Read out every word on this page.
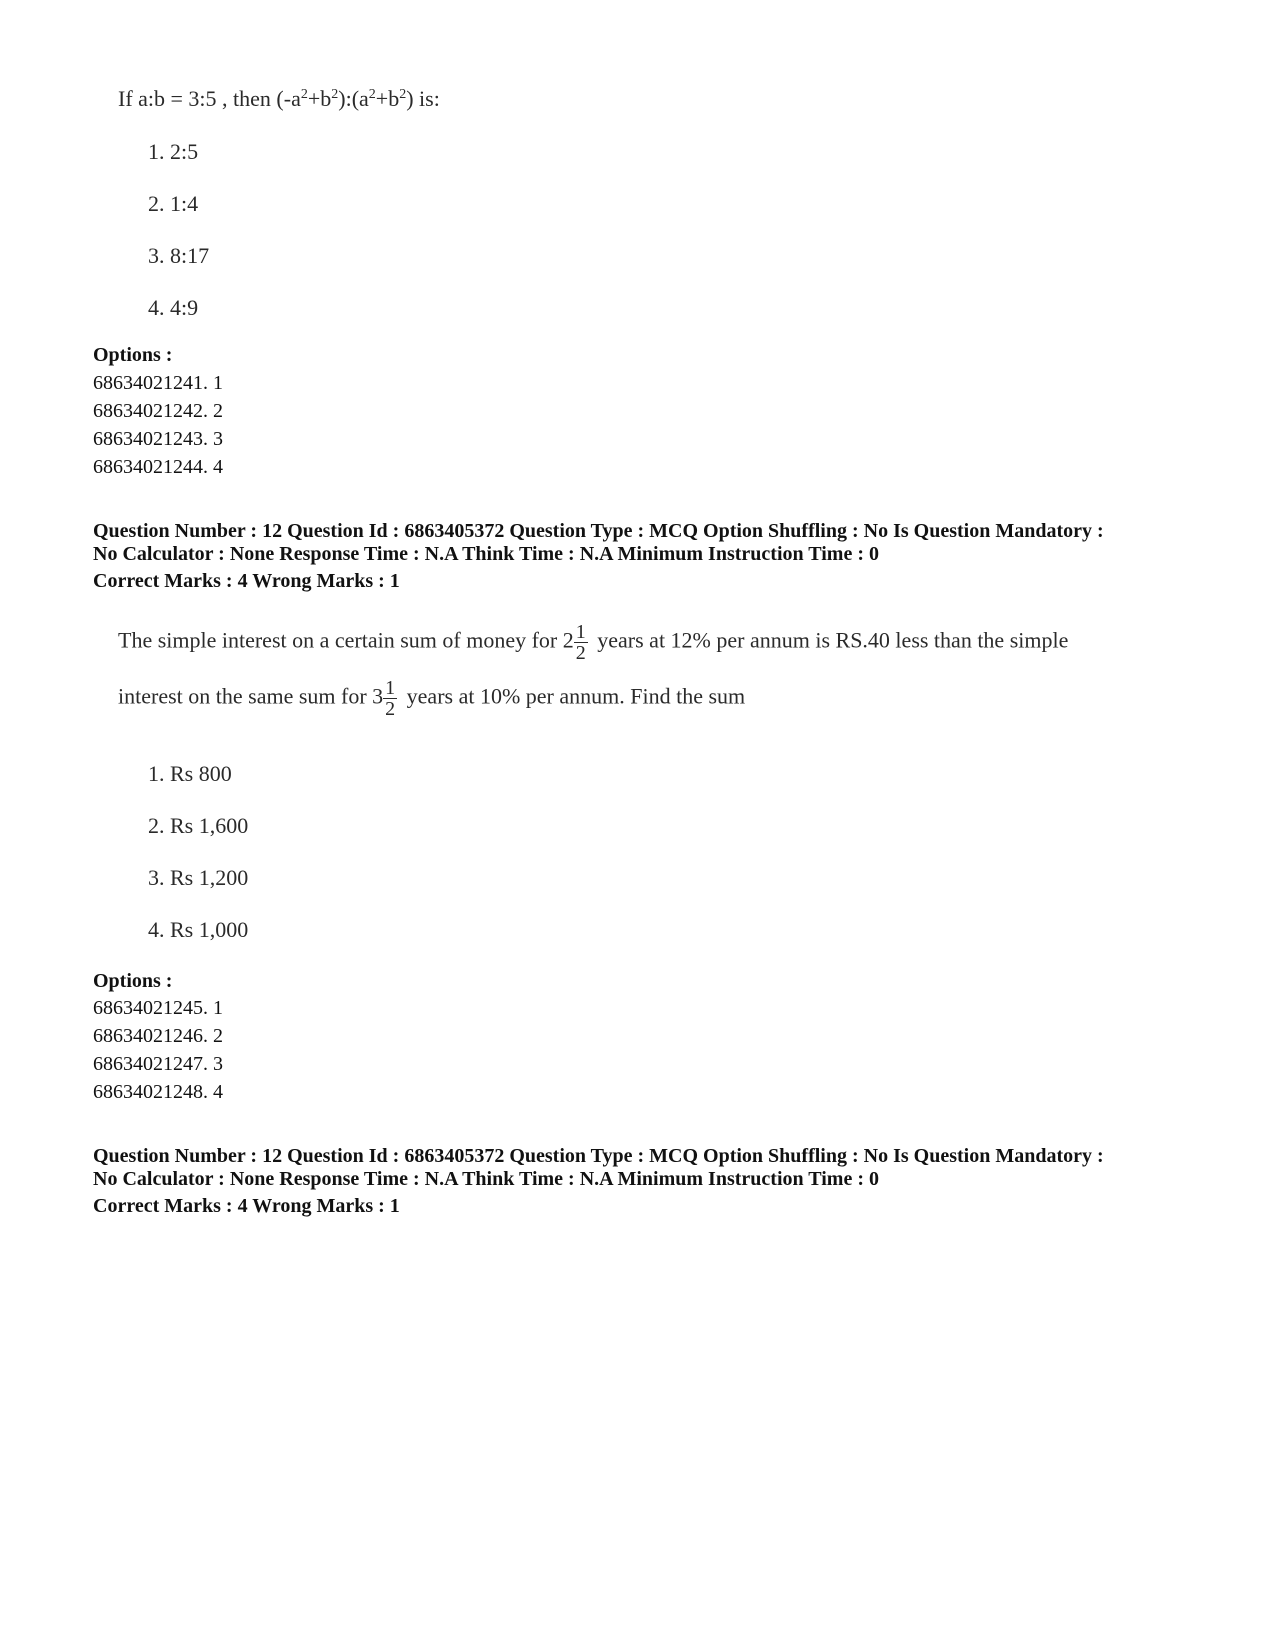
If a:b = 3:5 , then $(-a^2+b^2):(a^2+b^2)$ is:
1. 2:5
2. 1:4
3. 8:17
4. 4:9
Options :
68634021241. 1
68634021242. 2
68634021243. 3
68634021244. 4
Question Number : 12 Question Id : 6863405372 Question Type : MCQ Option Shuffling : No Is Question Mandatory :
No Calculator : None Response Time : N.A Think Time : N.A Minimum Instruction Time : 0
Correct Marks : 4 Wrong Marks : 1
The simple interest on a certain sum of money for $2 \frac{1}{2}$ years at 12% per annum is RS.40 less than the simple
interest on the same sum for $3 \frac{1}{2}$ years at 10% per annum. Find the sum
1. Rs 800
2. Rs 1,600
3. Rs 1,200
4. Rs 1,000
Options :
68634021245. 1
68634021246. 2
68634021247. 3
68634021248. 4
Question Number : 12 Question Id : 6863405372 Question Type : MCQ Option Shuffling : No Is Question Mandatory :
No Calculator : None Response Time : N.A Think Time : N.A Minimum Instruction Time : 0
Correct Marks : 4 Wrong Marks : 1
